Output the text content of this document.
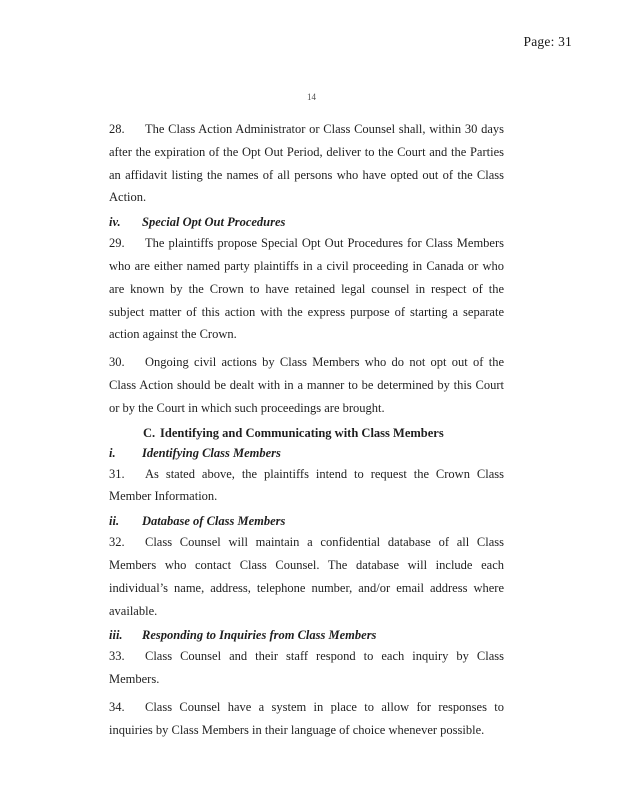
Page: 31
14

28. The Class Action Administrator or Class Counsel shall, within 30 days after the expiration of the Opt Out Period, deliver to the Court and the Parties an affidavit listing the names of all persons who have opted out of the Class Action.

iv. Special Opt Out Procedures

29. The plaintiffs propose Special Opt Out Procedures for Class Members who are either named party plaintiffs in a civil proceeding in Canada or who are known by the Crown to have retained legal counsel in respect of the subject matter of this action with the express purpose of starting a separate action against the Crown.

30. Ongoing civil actions by Class Members who do not opt out of the Class Action should be dealt with in a manner to be determined by this Court or by the Court in which such proceedings are brought.

C. Identifying and Communicating with Class Members

i. Identifying Class Members

31. As stated above, the plaintiffs intend to request the Crown Class Member Information.

ii. Database of Class Members

32. Class Counsel will maintain a confidential database of all Class Members who contact Class Counsel. The database will include each individual’s name, address, telephone number, and/or email address where available.

iii. Responding to Inquiries from Class Members

33. Class Counsel and their staff respond to each inquiry by Class Members.

34. Class Counsel have a system in place to allow for responses to inquiries by Class Members in their language of choice whenever possible.
